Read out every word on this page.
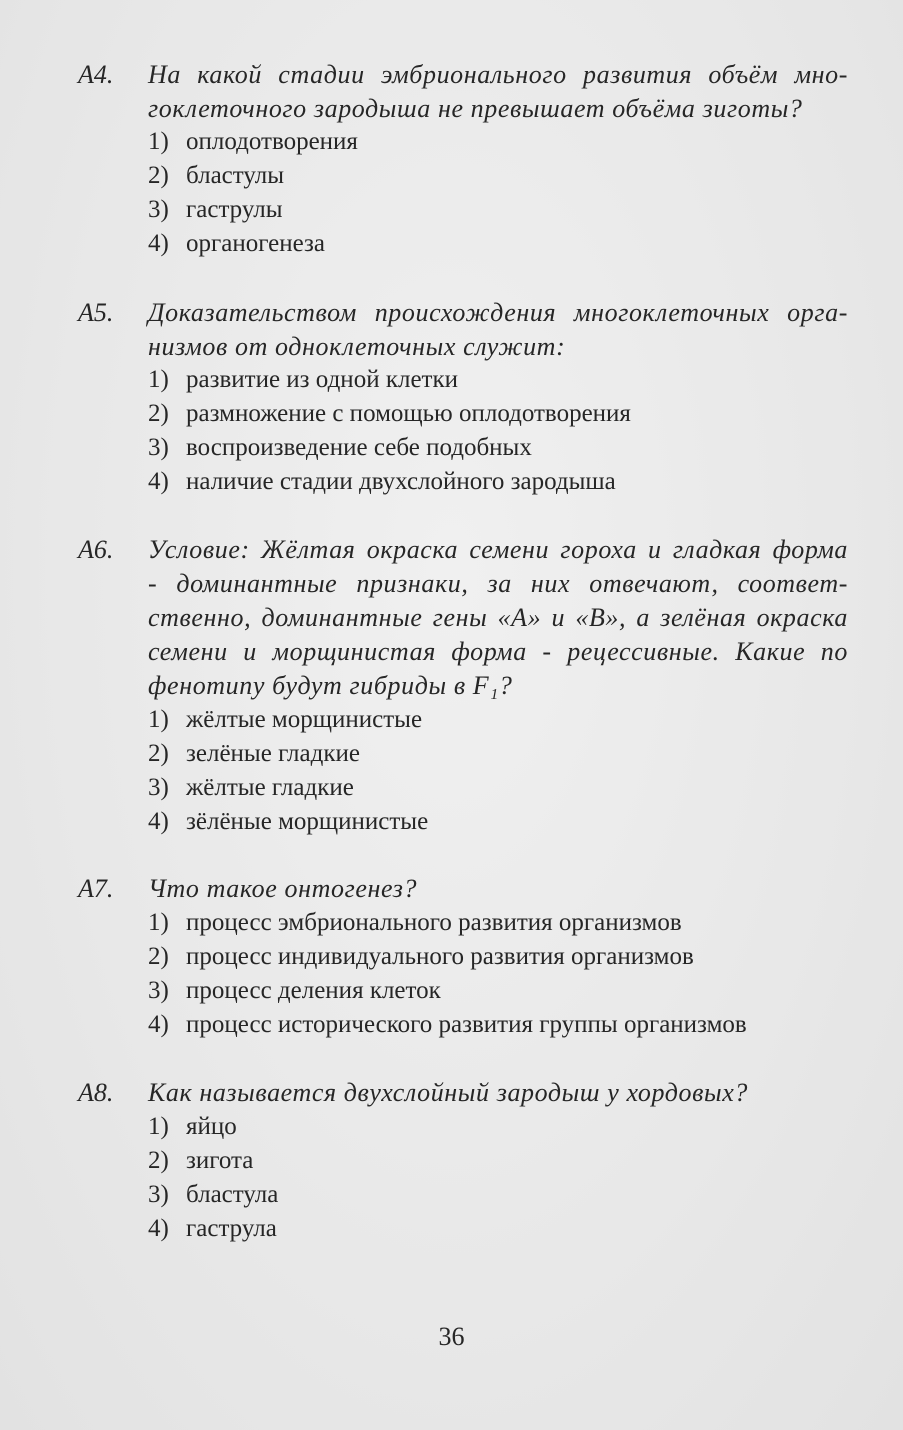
А4. На какой стадии эмбрионального развития объём мно-
гоклеточного зародыша не превышает объёма зиготы?
1) оплодотворения
2) бластулы
3) гаструлы
4) органогенеза
А5. Доказательством происхождения многоклеточных орга-
низмов от одноклеточных служит:
1) развитие из одной клетки
2) размножение с помощью оплодотворения
3) воспроизведение себе подобных
4) наличие стадии двухслойного зародыша
А6. Условие: Жёлтая окраска семени гороха и гладкая форма
- доминантные признаки, за них отвечают, соответ-
ственно, доминантные гены «А» и «В», а зелёная окраска
семени и морщинистая форма - рецессивные. Какие по
фенотипу будут гибриды в F₁?
1) жёлтые морщинистые
2) зелёные гладкие
3) жёлтые гладкие
4) зёлёные морщинистые
А7. Что такое онтогенез?
1) процесс эмбрионального развития организмов
2) процесс индивидуального развития организмов
3) процесс деления клеток
4) процесс исторического развития группы организмов
А8. Как называется двухслойный зародыш у хордовых?
1) яйцо
2) зигота
3) бластула
4) гаструла
36
